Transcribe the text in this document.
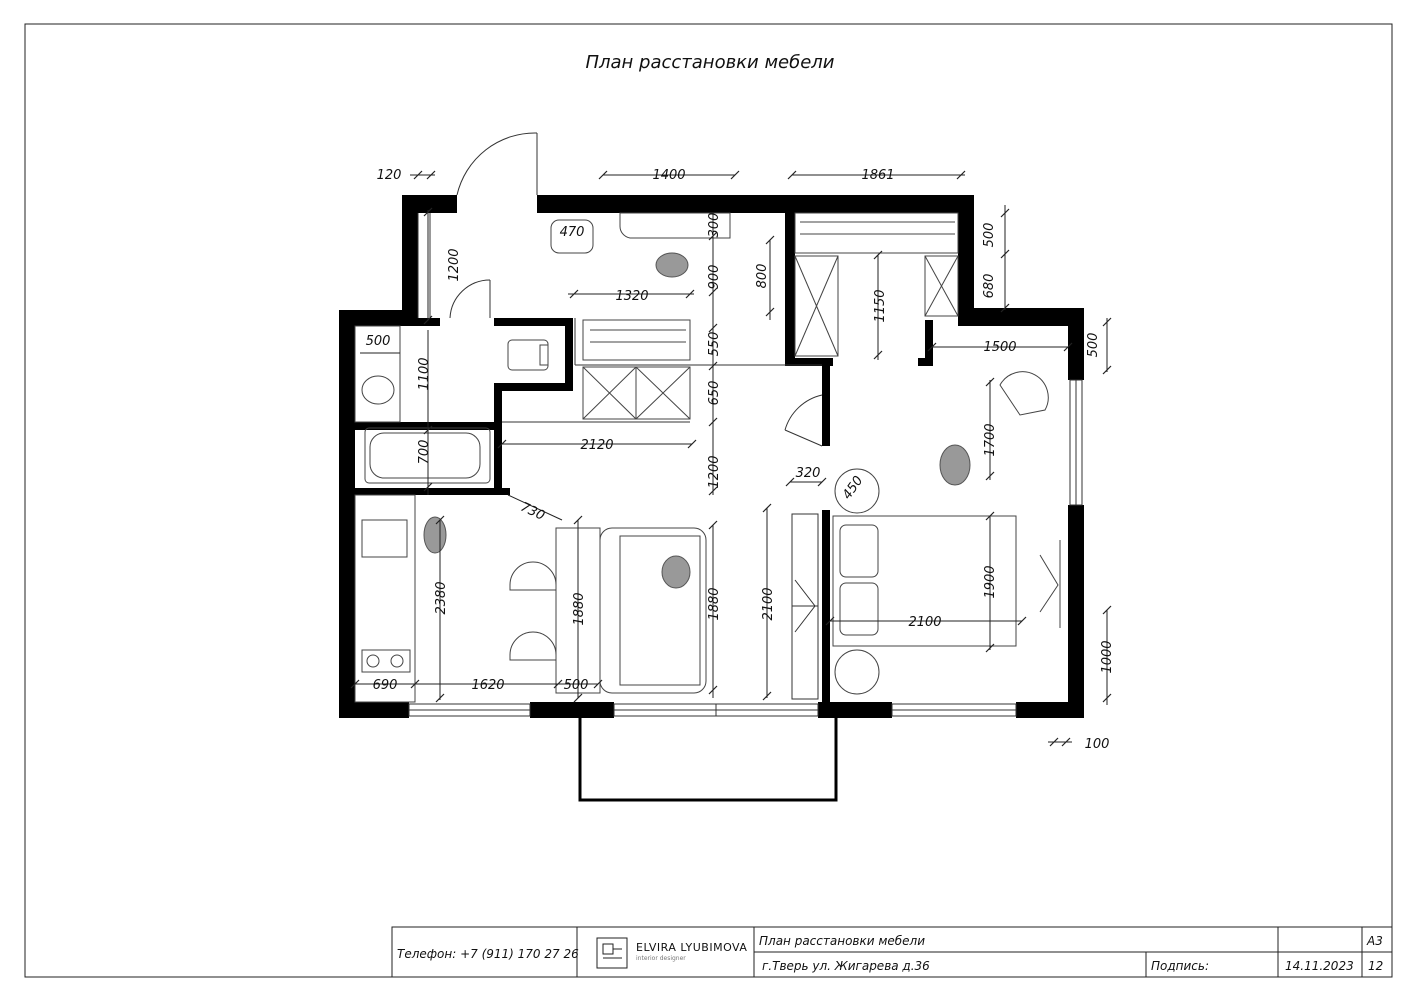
План расстановки мебели
120	1400	1861
500
680
470	300
1200
1320
900	800
1150
500
1100
550
650
1500	500
700	2120	1700
1200	320
450
730
2380	1880	1880	2100
1900
2100
1000
690	1620	500
100
Телефон: +7 (911) 170 27 26	ELVIRA LYUBIMOVA
interior designer
План расстановки мебели
г.Тверь ул. Жигарева д.36	Подпись:	14.11.2023
А3
12
